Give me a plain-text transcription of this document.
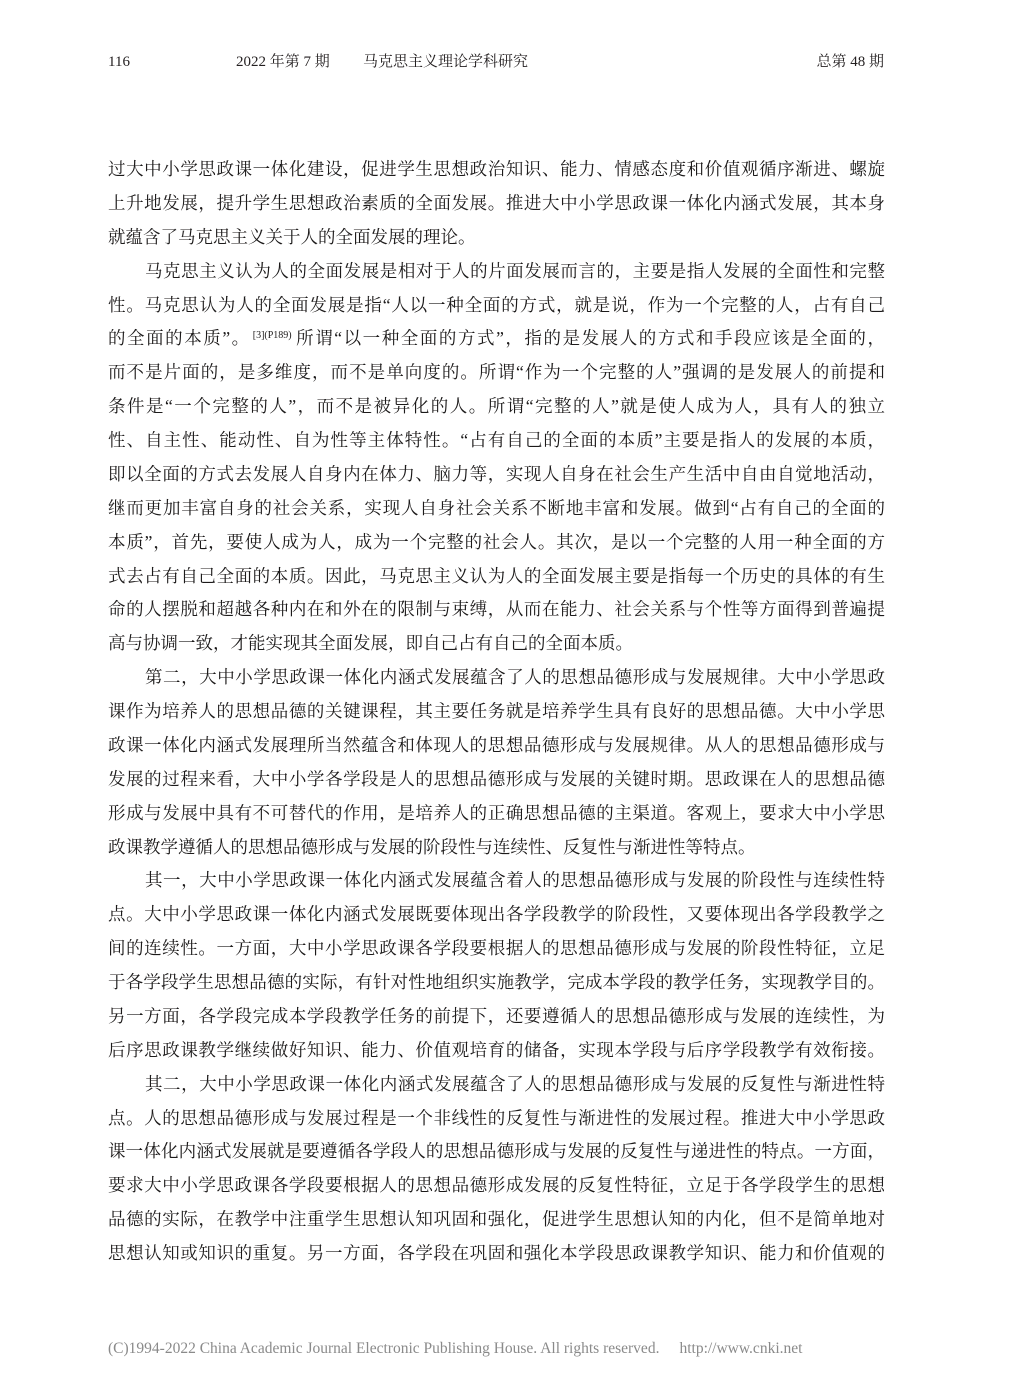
116	2022 年第 7 期 马克思主义理论学科研究	总第 48 期
过大中小学思政课一体化建设，促进学生思想政治知识、能力、情感态度和价值观循序渐进、螺旋
上升地发展，提升学生思想政治素质的全面发展。推进大中小学思政课一体化内涵式发展，其本身
就蕴含了马克思主义关于人的全面发展的理论。
马克思主义认为人的全面发展是相对于人的片面发展而言的，主要是指人发展的全面性和完整
性。马克思认为人的全面发展是指“人以一种全面的方式，就是说，作为一个完整的人，占有自己
的全面的本质”。 $^{[3](P189)}$ 所谓“以一种全面的方式”，指的是发展人的方式和手段应该是全面的，
而不是片面的，是多维度，而不是单向度的。所谓“作为一个完整的人”强调的是发展人的前提和
条件是“一个完整的人”，而不是被异化的人。所谓“完整的人”就是使人成为人，具有人的独立
性、自主性、能动性、自为性等主体特性。“占有自己的全面的本质”主要是指人的发展的本质，
即以全面的方式去发展人自身内在体力、脑力等，实现人自身在社会生产生活中自由自觉地活动，
继而更加丰富自身的社会关系，实现人自身社会关系不断地丰富和发展。做到“占有自己的全面的
本质”，首先，要使人成为人，成为一个完整的社会人。其次，是以一个完整的人用一种全面的方
式去占有自己全面的本质。因此，马克思主义认为人的全面发展主要是指每一个历史的具体的有生
命的人摆脱和超越各种内在和外在的限制与束缚，从而在能力、社会关系与个性等方面得到普遍提
高与协调一致，才能实现其全面发展，即自己占有自己的全面本质。
第二，大中小学思政课一体化内涵式发展蕴含了人的思想品德形成与发展规律。大中小学思政
课作为培养人的思想品德的关键课程，其主要任务就是培养学生具有良好的思想品德。大中小学思
政课一体化内涵式发展理所当然蕴含和体现人的思想品德形成与发展规律。从人的思想品德形成与
发展的过程来看，大中小学各学段是人的思想品德形成与发展的关键时期。思政课在人的思想品德
形成与发展中具有不可替代的作用，是培养人的正确思想品德的主渠道。客观上，要求大中小学思
政课教学遵循人的思想品德形成与发展的阶段性与连续性、反复性与渐进性等特点。
其一，大中小学思政课一体化内涵式发展蕴含着人的思想品德形成与发展的阶段性与连续性特
点。大中小学思政课一体化内涵式发展既要体现出各学段教学的阶段性，又要体现出各学段教学之
间的连续性。一方面，大中小学思政课各学段要根据人的思想品德形成与发展的阶段性特征，立足
于各学段学生思想品德的实际，有针对性地组织实施教学，完成本学段的教学任务，实现教学目的。
另一方面，各学段完成本学段教学任务的前提下，还要遵循人的思想品德形成与发展的连续性，为
后序思政课教学继续做好知识、能力、价值观培育的储备，实现本学段与后序学段教学有效衔接。
其二，大中小学思政课一体化内涵式发展蕴含了人的思想品德形成与发展的反复性与渐进性特
点。人的思想品德形成与发展过程是一个非线性的反复性与渐进性的发展过程。推进大中小学思政
课一体化内涵式发展就是要遵循各学段人的思想品德形成与发展的反复性与递进性的特点。一方面，
要求大中小学思政课各学段要根据人的思想品德形成发展的反复性特征，立足于各学段学生的思想
品德的实际，在教学中注重学生思想认知巩固和强化，促进学生思想认知的内化，但不是简单地对
思想认知或知识的重复。另一方面，各学段在巩固和强化本学段思政课教学知识、能力和价值观的
(C)1994-2022 China Academic Journal Electronic Publishing House. All rights reserved. http://www.cnki.net
